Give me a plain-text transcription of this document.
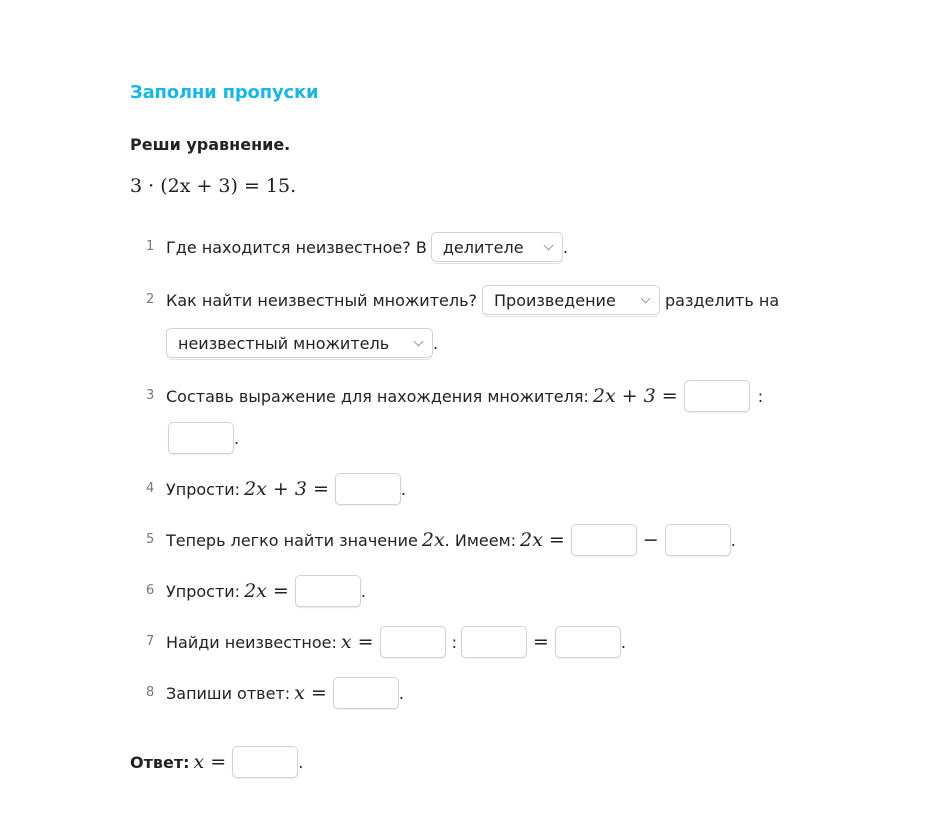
Заполни пропуски
Реши уравнение.
3 · (2x + 3) = 15.
1 Где находится неизвестное? В делителе .
2 Как найти неизвестный множитель? Произведение	разделить на
неизвестный множитель	.
3 Составь выражение для нахождения множителя: 2x + 3 =	:
.
4 Упрости: 2x + 3 =	.
5 Теперь легко найти значение 2x . Имеем: 2x =	−	.
6 Упрости: 2x =	.
7 Найди неизвестное: x =	:	=	.
8 Запиши ответ: x =	.
Ответ: x =	.
